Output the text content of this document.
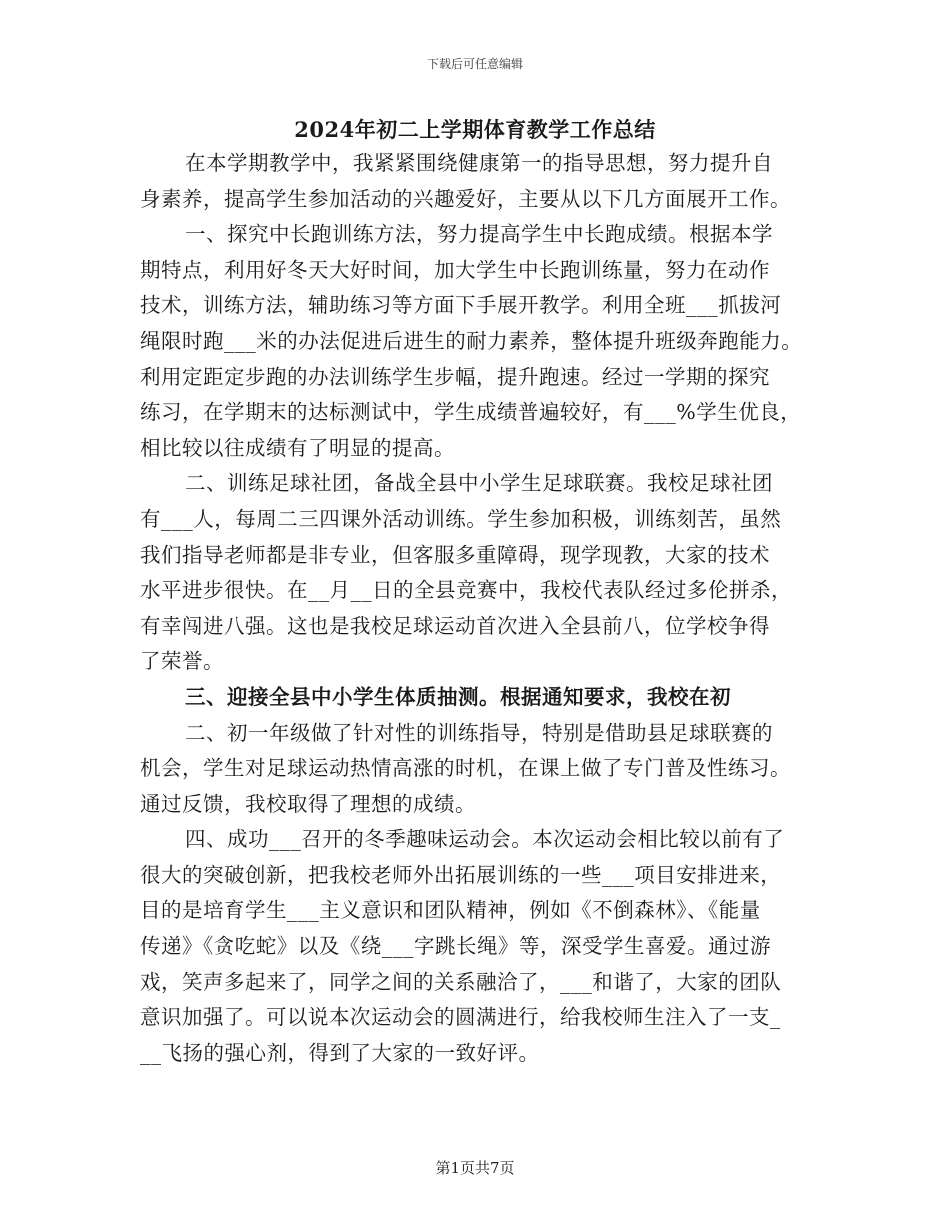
下载后可任意编辑
2024年初二上学期体育教学工作总结
在本学期教学中，我紧紧围绕健康第一的指导思想，努力提升自
身素养，提高学生参加活动的兴趣爱好，主要从以下几方面展开工作。
一、探究中长跑训练方法，努力提高学生中长跑成绩。根据本学
期特点，利用好冬天大好时间，加大学生中长跑训练量，努力在动作
技术，训练方法，辅助练习等方面下手展开教学。利用全班___抓拔河
绳限时跑___米的办法促进后进生的耐力素养，整体提升班级奔跑能力。
利用定距定步跑的办法训练学生步幅，提升跑速。经过一学期的探究
练习，在学期末的达标测试中，学生成绩普遍较好，有___%学生优良，
相比较以往成绩有了明显的提高。
二、训练足球社团，备战全县中小学生足球联赛。我校足球社团
有___人，每周二三四课外活动训练。学生参加积极，训练刻苦，虽然
我们指导老师都是非专业，但客服多重障碍，现学现教，大家的技术
水平进步很快。在__月__日的全县竞赛中，我校代表队经过多伦拼杀，
有幸闯进八强。这也是我校足球运动首次进入全县前八，位学校争得
了荣誉。
三、迎接全县中小学生体质抽测。根据通知要求，我校在初
二、初一年级做了针对性的训练指导，特别是借助县足球联赛的
机会，学生对足球运动热情高涨的时机，在课上做了专门普及性练习。
通过反馈，我校取得了理想的成绩。
四、成功___召开的冬季趣味运动会。本次运动会相比较以前有了
很大的突破创新，把我校老师外出拓展训练的一些___项目安排进来，
目的是培育学生___主义意识和团队精神，例如《不倒森林》、《能量
传递》《贪吃蛇》以及《绕___字跳长绳》等，深受学生喜爱。通过游
戏，笑声多起来了，同学之间的关系融洽了，___和谐了，大家的团队
意识加强了。可以说本次运动会的圆满进行，给我校师生注入了一支_
__飞扬的强心剂，得到了大家的一致好评。
第1页共7页
